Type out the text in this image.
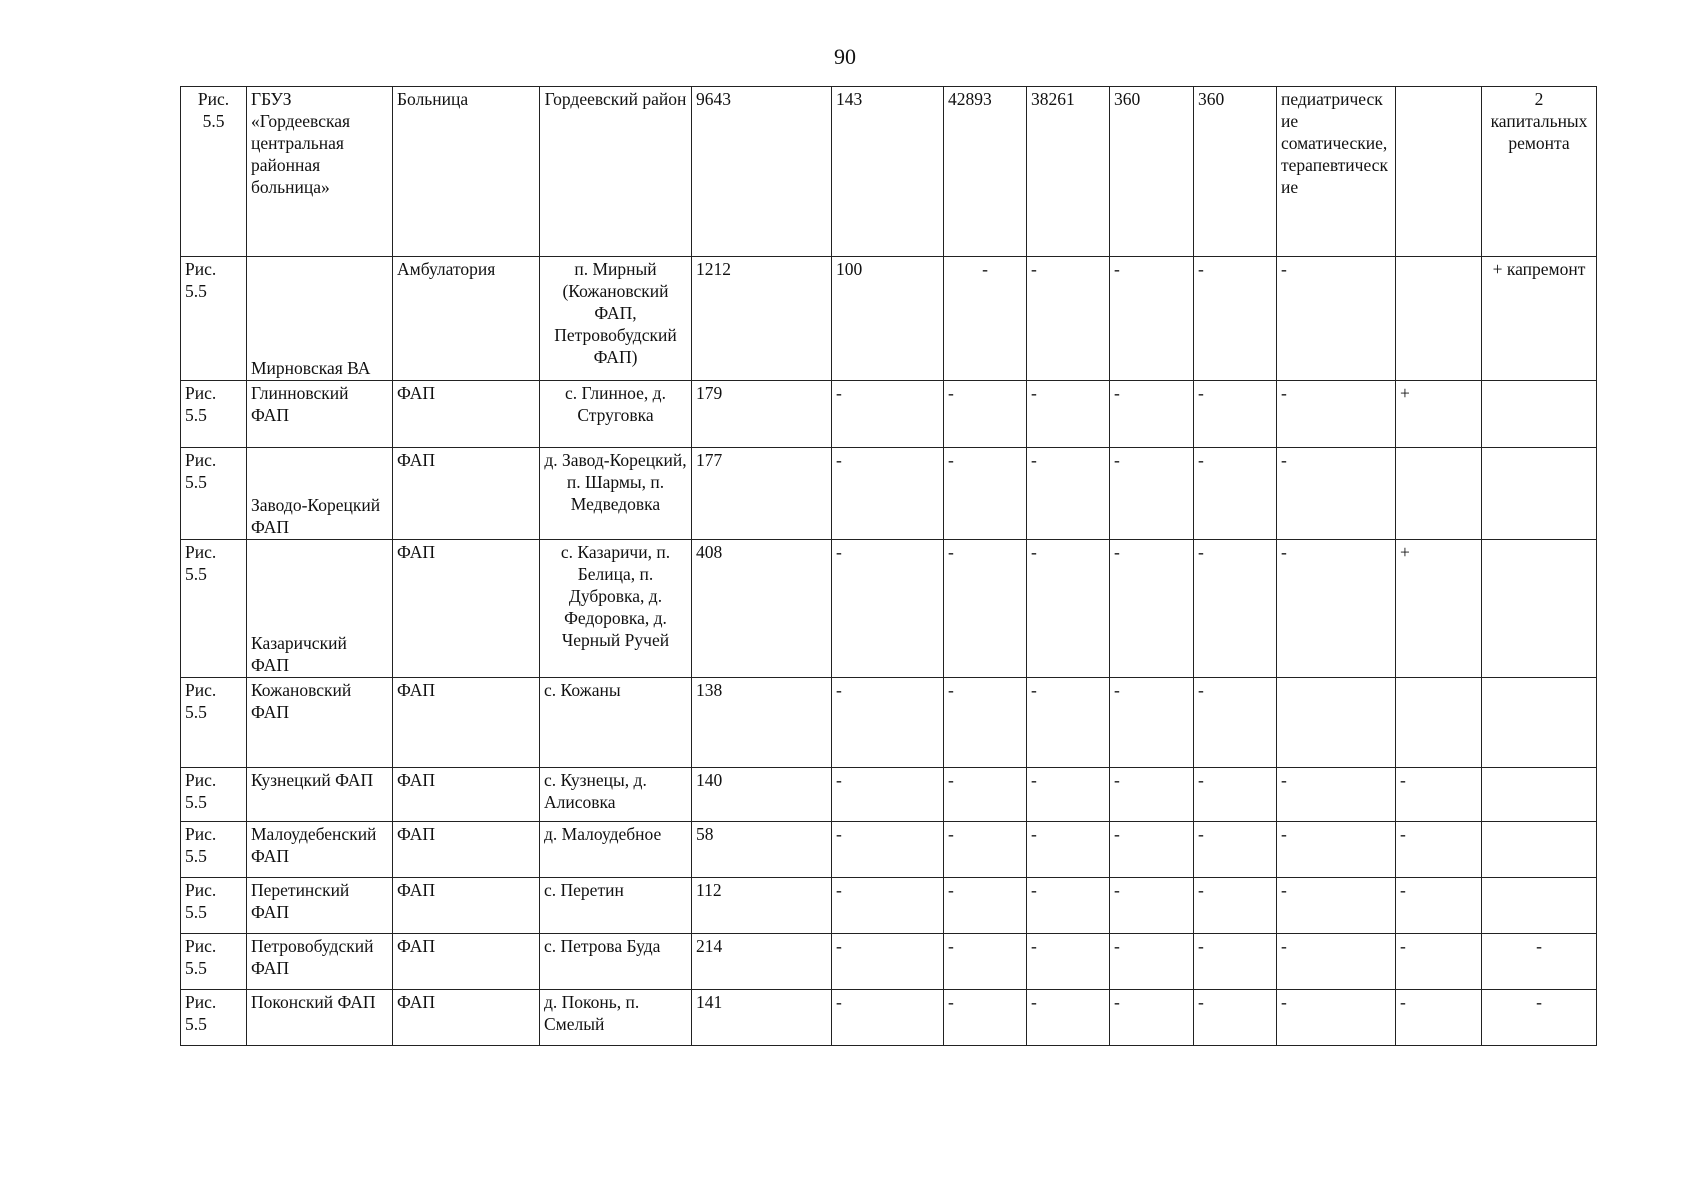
90
Рис. 5.5	ГБУЗ «Гордеевская центральная районная больница»	Больница	Гордеевский район	9643	143	42893	38261	360	360	педиатрические соматические, терапевтические		2 капитальных ремонта
Рис. 5.5	Мирновская ВА	Амбулатория	п. Мирный (Кожановский ФАП, Петровобудский ФАП)	1212	100	-	-	-	-	-		+ капремонт
Рис. 5.5	Глинновский ФАП	ФАП	с. Глинное, д. Струговка	179	-	-	-	-	-	-	+	
Рис. 5.5	Заводо-Корецкий ФАП	ФАП	д. Завод-Корецкий, п. Шармы, п. Медведовка	177	-	-	-	-	-	-		
Рис. 5.5	Казаричский ФАП	ФАП	с. Казаричи, п. Белица, п. Дубровка, д. Федоровка, д. Черный Ручей	408	-	-	-	-	-	-	+	
Рис. 5.5	Кожановский ФАП	ФАП	с. Кожаны	138	-	-	-	-	-			
Рис. 5.5	Кузнецкий ФАП	ФАП	с. Кузнецы, д. Алисовка	140	-	-	-	-	-	-	-	
Рис. 5.5	Малоудебенский ФАП	ФАП	д. Малоудебное	58	-	-	-	-	-	-	-	
Рис. 5.5	Перетинский ФАП	ФАП	с. Перетин	112	-	-	-	-	-	-	-	
Рис. 5.5	Петровобудский ФАП	ФАП	с. Петрова Буда	214	-	-	-	-	-	-	-	-
Рис. 5.5	Поконский ФАП	ФАП	д. Поконь, п. Смелый	141	-	-	-	-	-	-	-	-
